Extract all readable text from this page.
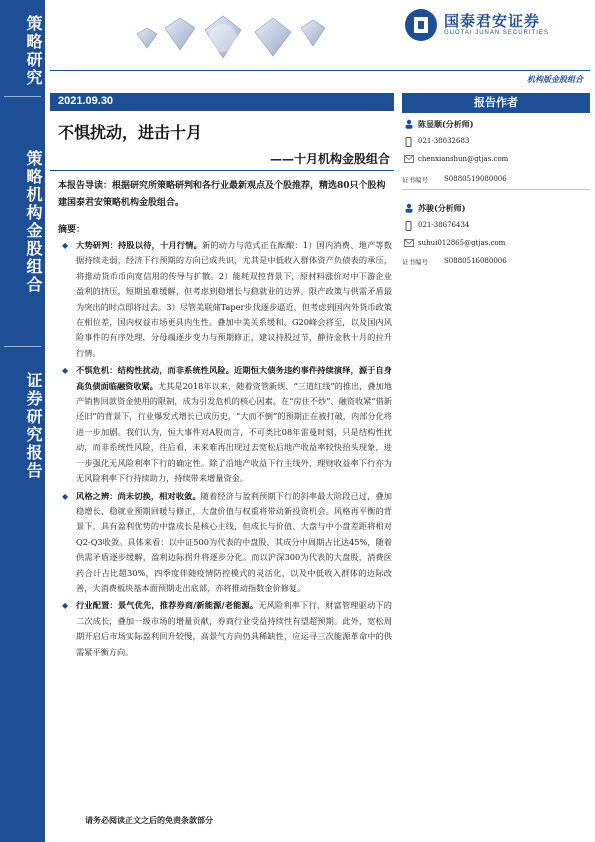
策略研究
策略机构金股组合
证券研究报告
国泰君安证券
GUOTAI JUNAN SECURITIES
机构版金股组合
2021.09.30
不惧扰动，进击十月
——十月机构金股组合
本报告导读：根据研究所策略研判和各行业最新观点及个股推荐，精选80只个股构建国泰君安策略机构金股组合。
摘要：

◆ 大势研判：持股以待，十月行情。新的动力与范式正在酝酿：1）国内消费、地产等数据持续走弱，经济下行预期的方向已成共识，尤其是中低收入群体资产负债表的承压，将推动货币币向宽信用的传导与扩散。2）能耗双控背景下，原材料涨价对中下游企业盈利的挤压，短期虽难缓解，但考虑到稳增长与稳就业的边界，限产政策与供需矛盾最为突出的时点即将过去。3）尽管美联储Taper步伐逐步逼近，但考虑到国内外货币政策在相位差，国内权益市场更具内生性。叠加中美关系缓和、G20峰会将至，以及国内风险事件的有序处理，分母端逐步变力与预期修正，建议持股过节，静待金秋十月的拉升行情。

◆ 不惧危机：结构性扰动，而非系统性风险。近期恒大债务违约事件持续演绎，源于自身高负债面临融资收紧。尤其是2018年以来，随着资管新规、“三道红线”的推出，叠加地产销售回款资金使用的限制，成为引发危机的核心因素。在“房住不炒”、融资收紧“借新还旧”的背景下，行业爆发式增长已成历史，“大而不倒”的预期正在被打破，内部分化将进一步加剧。我们认为，恒大事件对A股而言，不可类比08年雷曼时刻，只是结构性扰动，而非系统性风险，往后看，未来难再出现过去宽松后地产收益率较快抬头现象，进一步强化无风险利率下行的确定性。除了沿地产收益下行主线外，理财收益率下行亦为无风险利率下行持续助力，持续带来增量资金。

◆ 风格之辨：尚未切换，相对收敛。随着经济与盈利预期下行的斜率最大阶段已过，叠加稳增长、稳就业预期回暖与修正，大盘价值与权重将带动新投资机会。风格再平衡的背景下，具有盈利优势的中盘成长是核心主线，但成长与价值、大盘与中小盘差距将相对Q2-Q3收敛。具体来看：以中证500为代表的中盘股，其成分中周期占比达45%，随着供需矛盾逐步缓解，盈利边际拐升将逐步分化。而以沪深300为代表的大盘股，消费医药合计占比超30%，四季度伴随疫情防控模式的灵活化，以及中低收入群体的边际改善，大消费板块基本面预期走出底部，亦将推动指数金价修复。

◆ 行业配置：景气优先，推荐券商/新能源/老能源。无风险利率下行，财富管理驱动下的二次成长，叠加一级市场的增量贡献，券商行业受益持续性有望超预期。此外，宽松周期开启后市场实际盈利回升较慢，高景气方向仍具稀缺性，应运寻三次能源革命中的供需紧平衡方向。

请务必阅读正文之后的免责条款部分
报告作者
陈显顺(分析师)
021-38032683
chenxianshun@gtjas.com
证书编号 S0880519080006
苏骏(分析师)
021-38676434
suhui012865@gtjas.com
证书编号 S0880516080006
